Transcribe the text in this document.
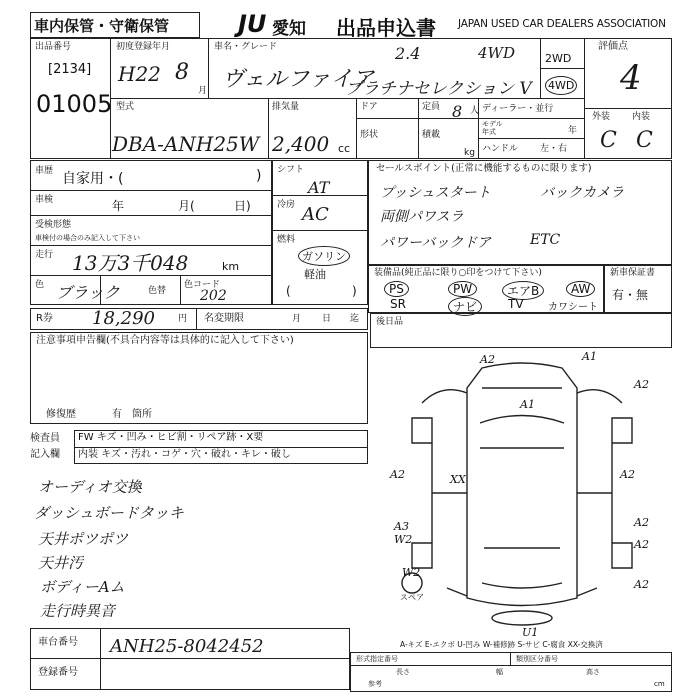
車内保管・守衛保管	JU 愛知 出品申込書 JAPAN USED CAR DEALERS ASSOCIATION
出品番号
[2134]
01005
初度登録年月
H22 8
月
車名・グレード	2.4	4WD
ヴェルファイア
プラチナセレクション V
2WD
4WD
評価点
4
型式
DBA-ANH25W
排気量
2,400 cc
ドア	定員 8 人
形状	積載
kg
ディーラー・並行
モデル
年式	年
ハンドル 左・右
外装 内装
C C
車歴 自家用・(	)
車検	年	月(	日)
受検形態
車検付の場合のみ記入して下さい
走行 13万3千048	km
色 ブラック	色替
色コード
202
シフト
AT
冷房 AC
燃料
ガソリン
軽油
(	)
セールスポイント(正常に機能するものに限ります)
プッシュスタート	バックカメラ
両側パワスラ
パワーバックドア	ETC
装備品(純正品に限り○印をつけて下さい)
PS	PW	エアB	AW
SR	ナビ	TV カワシート
新車保証書
有・無
R券 18,290	円 名変期限	月 日 迄 後日品
注意事項申告欄(不具合内容等は具体的に記入して下さい)
修復歴	有 箇所
検査員
記入欄
FW キズ・凹み・ヒビ割・リペア跡・X要
内装 キズ・汚れ・コゲ・穴・破れ・キレ・破し
オーディオ交換
ダッシュボードタッキ
天井ポツポツ
天井汚
ボディーAム
走行時異音
車台番号 ANH25-8042452
登録番号
A2	A1
A2
A1
A2
XX
A2
A3
W2
W2
A2
A2
A2
U1
スペア
A-キズ E-エクボ U-凹み W-補修跡 S-サビ C-腐食 XX-交換済
形式指定番号	類別区分番号
参考
長さ	幅	高さ
cm
